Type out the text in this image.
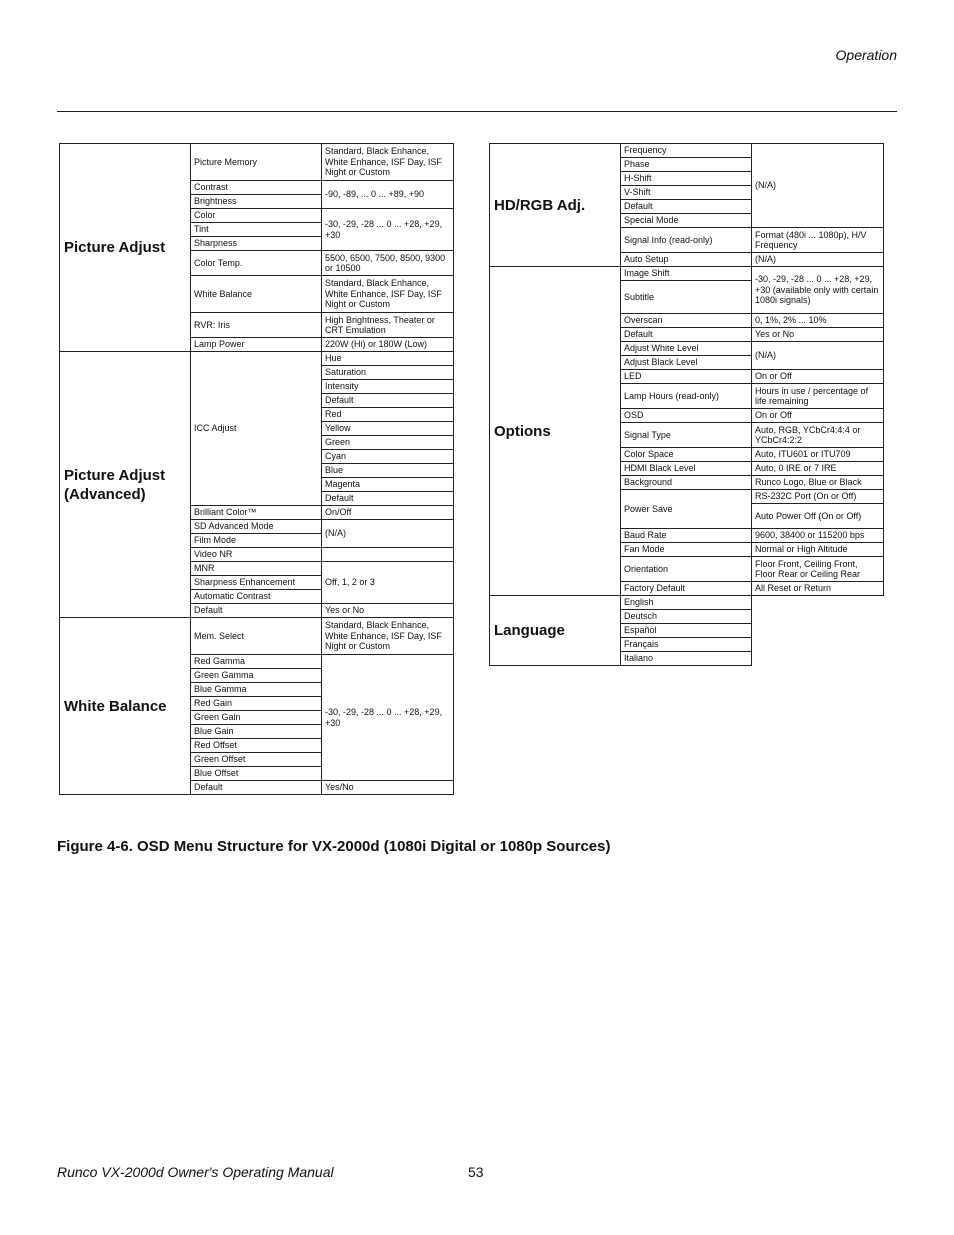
Operation
Picture Adjust	Picture Memory	Standard, Black Enhance, White Enhance, ISF Day, ISF Night or Custom
	Contrast	-90, -89, ... 0 ... +89, +90
	Brightness	
	Color	-30, -29, -28 ... 0 ... +28, +29, +30
	Tint	
	Sharpness	
	Color Temp.	5500, 6500, 7500, 8500, 9300 or 10500
	White Balance	Standard, Black Enhance, White Enhance, ISF Day, ISF Night or Custom
	RVR: Iris	High Brightness, Theater or CRT Emulation
	Lamp Power	220W (Hi) or 180W (Low)
Picture Adjust (Advanced)	ICC Adjust	Hue
		Saturation
		Intensity
		Default
		Red
		Yellow
		Green
		Cyan
		Blue
		Magenta
		Default
	Brilliant Color™	On/Off
	SD Advanced Mode	(N/A)
	Film Mode	
	Video NR	
	MNR	Off, 1, 2 or 3
	Sharpness Enhancement	
	Automatic Contrast	
	Default	Yes or No
White Balance	Mem. Select	Standard, Black Enhance, White Enhance, ISF Day, ISF Night or Custom
	Red Gamma	-30, -29, -28 ... 0 ... +28, +29, +30
	Green Gamma	
	Blue Gamma	
	Red Gain	
	Green Gain	
	Blue Gain	
	Red Offset	
	Green Offset	
	Blue Offset	
	Default	Yes/No
HD/RGB Adj.	Frequency	(N/A)
	Phase	
	H-Shift	
	V-Shift	
	Default	
	Special Mode	
	Signal Info (read-only)	Format (480i ... 1080p), H/V Frequency
	Auto Setup	(N/A)
Options	Image Shift	-30, -29, -28 ... 0 ... +28, +29, +30 (available only with certain 1080i signals)
	Subtitle	
	Overscan	0, 1%, 2% ... 10%
	Default	Yes or No
	Adjust White Level	(N/A)
	Adjust Black Level	
	LED	On or Off
	Lamp Hours (read-only)	Hours in use / percentage of life remaining
	OSD	On or Off
	Signal Type	Auto, RGB, YCbCr4:4:4 or YCbCr4:2:2
	Color Space	Auto, ITU601 or ITU709
	HDMI Black Level	Auto, 0 IRE or 7 IRE
	Background	Runco Logo, Blue or Black
	Power Save	RS-232C Port (On or Off)
		Auto Power Off (On or Off)
	Baud Rate	9600, 38400 or 115200 bps
	Fan Mode	Normal or High Altitude
	Orientation	Floor Front, Ceiling Front, Floor Rear or Ceiling Rear
	Factory Default	All Reset or Return
Language	English	
	Deutsch	
	Español	
	Français	
	Italiano	
Figure 4-6. OSD Menu Structure for VX-2000d (1080i Digital or 1080p Sources)
Runco VX-2000d Owner's Operating Manual	53
